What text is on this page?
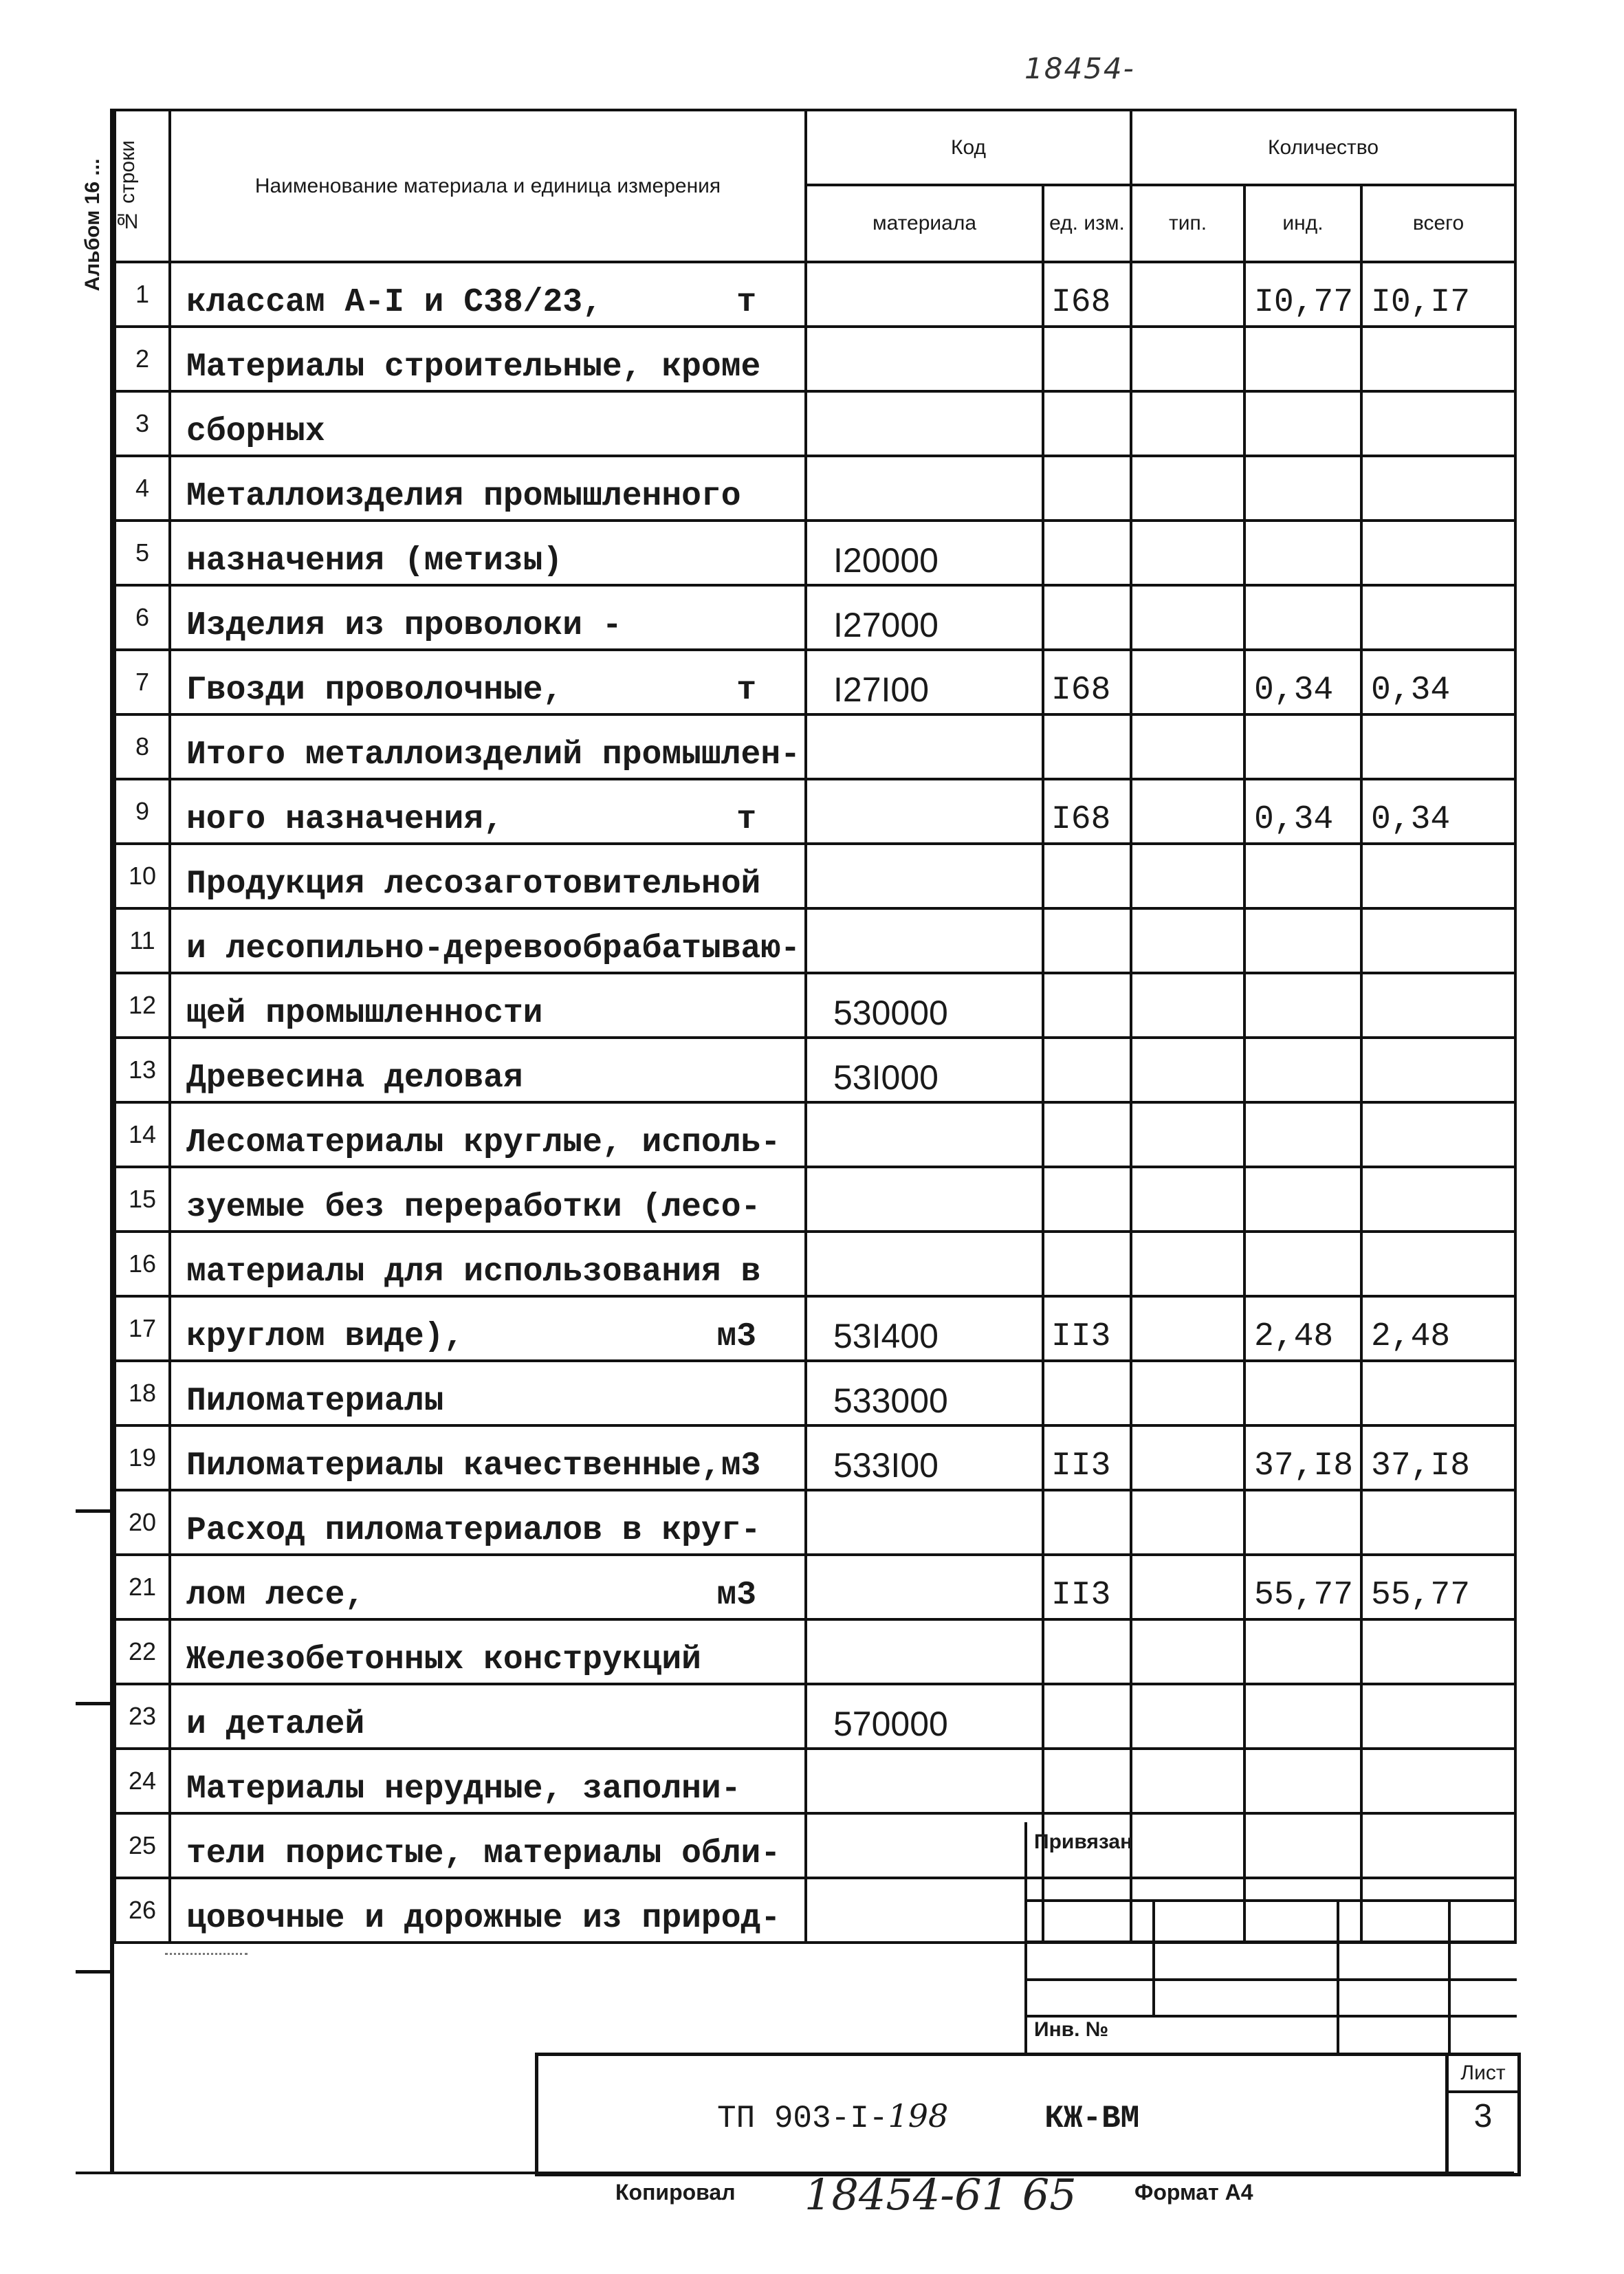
18454-
Альбом 16 ... № строки	Наименование материала и единица измерения	Код		Количество		
		материала	ед. изм.	тип.	инд.	всего
1	классам А-I и С38/23, т		I68		I0,77	I0,I7
2	Материалы строительные, кроме

3	сборных

4	Металлоизделия промышленного

5	назначения (метизы)	I20000				
6	Изделия из проволоки -	I27000				
7	Гвозди проволочные, т	I27I00	I68		0,34	0,34
8	Итого металлоизделий промышлен-

9	ного назначения, т		I68		0,34	0,34
10	Продукция лесозаготовительной

11	и лесопильно-деревообрабатываю-

12	щей промышленности	530000				
13	Древесина деловая	53I000				
14	Лесоматериалы круглые, исполь-

15	зуемые без переработки (лесо-

16	материалы для использования в

17	круглом виде), м3	53I400	II3		2,48	2,48
18	Пиломатериалы	533000				
19	Пиломатериалы качественные,м3	533I00	II3		37,I8	37,I8
20	Расход пиломатериалов в круг-

21	лом лесе, м3		II3		55,77	55,77
22	Железобетонных конструкций

23	и деталей	570000				
24	Материалы нерудные, заполни-

25	тели пористые, материалы обли-

26	цовочные и дорожные из природ-

Привязан
Инв. №
ТП 903-I-198	КЖ-ВМ
Лист
3
Копировал 18454-61 65	Формат А4
